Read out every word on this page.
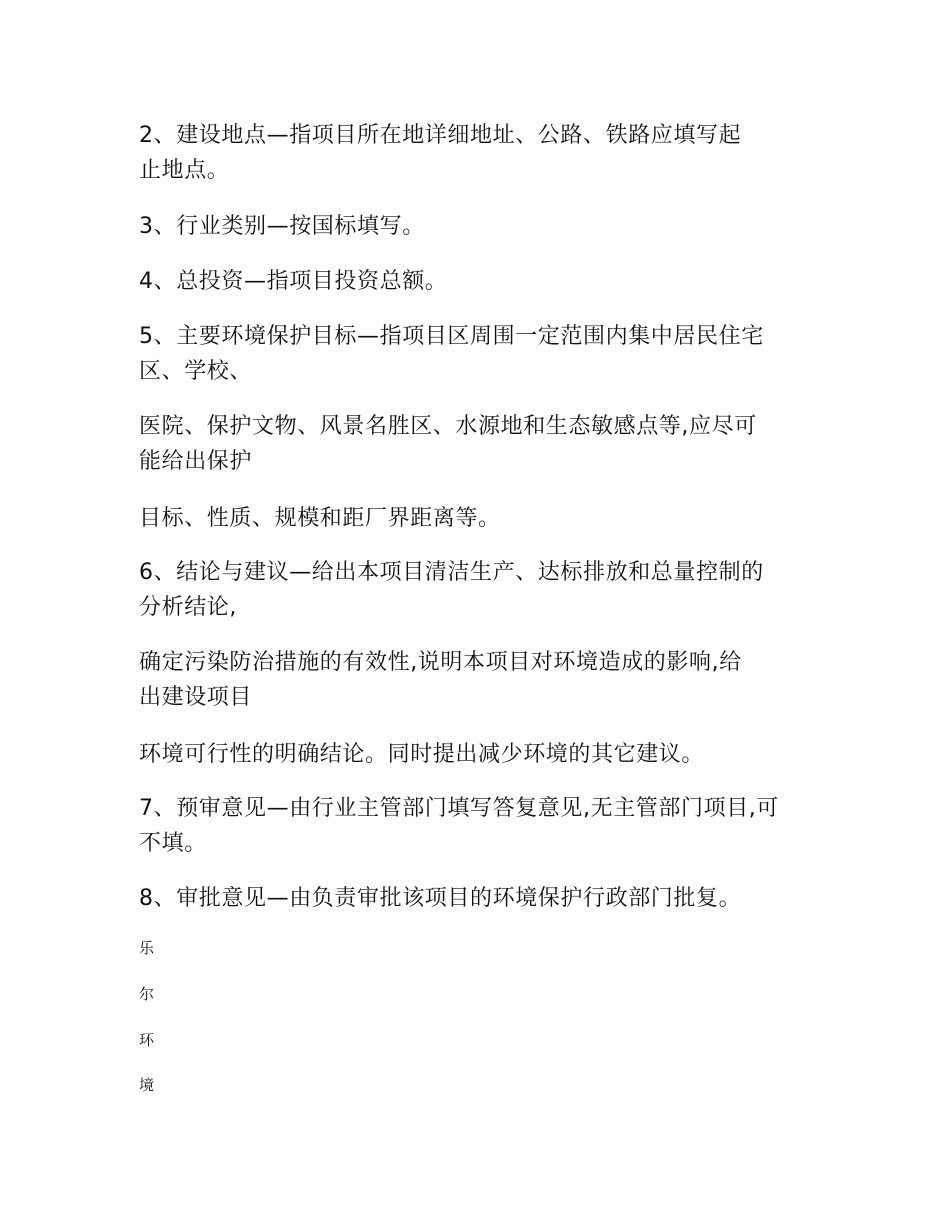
2、建设地点—指项目所在地详细地址、公路、铁路应填写起
止地点。

3、行业类别—按国标填写。

4、总投资—指项目投资总额。

5、主要环境保护目标—指项目区周围一定范围内集中居民住宅
区、学校、

医院、保护文物、风景名胜区、水源地和生态敏感点等,应尽可
能给出保护

目标、性质、规模和距厂界距离等。

6、结论与建议—给出本项目清洁生产、达标排放和总量控制的
分析结论,

确定污染防治措施的有效性,说明本项目对环境造成的影响,给
出建设项目

环境可行性的明确结论。同时提出减少环境的其它建议。

7、预审意见—由行业主管部门填写答复意见,无主管部门项目,可
不填。

8、审批意见—由负责审批该项目的环境保护行政部门批复。

乐
尔
环
境
